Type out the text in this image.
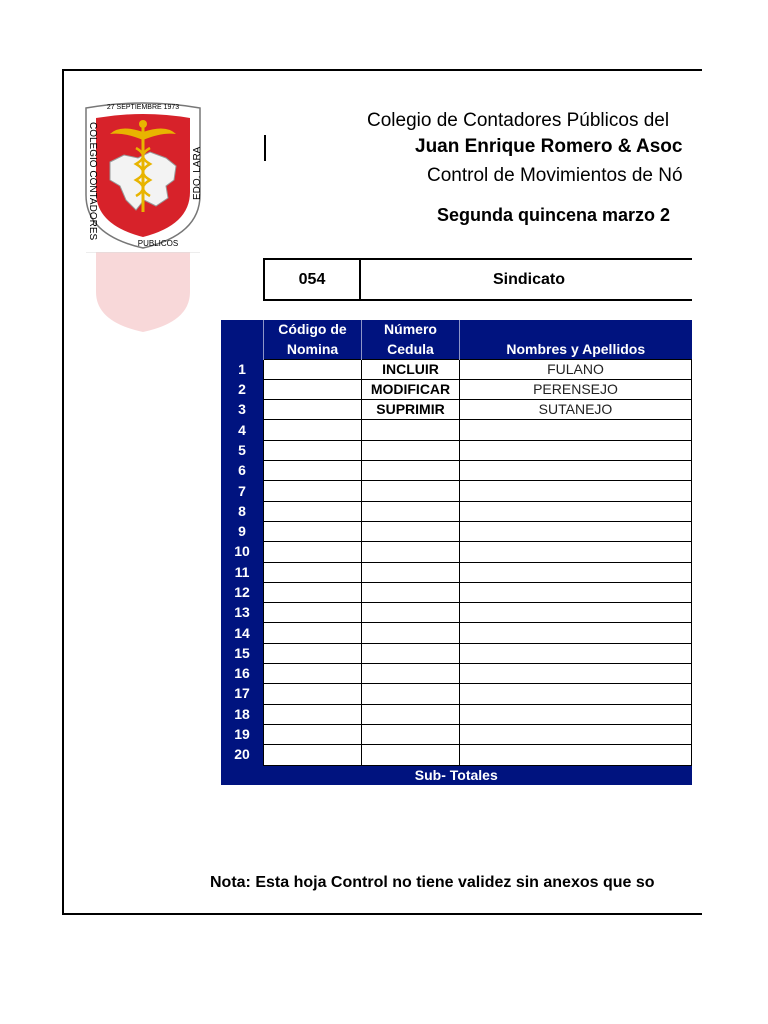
27 SEPTIEMBRE 1973
COLEGIO CONTADORES	EDO. LARA
PUBLICOS
Colegio de Contadores Públicos del
Juan Enrique Romero & Asoc
Control de Movimientos de Nó
Segunda quincena marzo 2
054	Sindicato
	Código de	Número	
	Nomina	Cedula	Nombres y Apellidos
1		INCLUIR	FULANO
2		MODIFICAR	PERENSEJO
3		SUPRIMIR	SUTANEJO
4			
5			
6			
7			
8			
9			
10			
11			
12			
13			
14			
15			
16			
17			
18			
19			
20			
Sub- Totales			
Nota: Esta hoja Control no tiene validez sin anexos que so
